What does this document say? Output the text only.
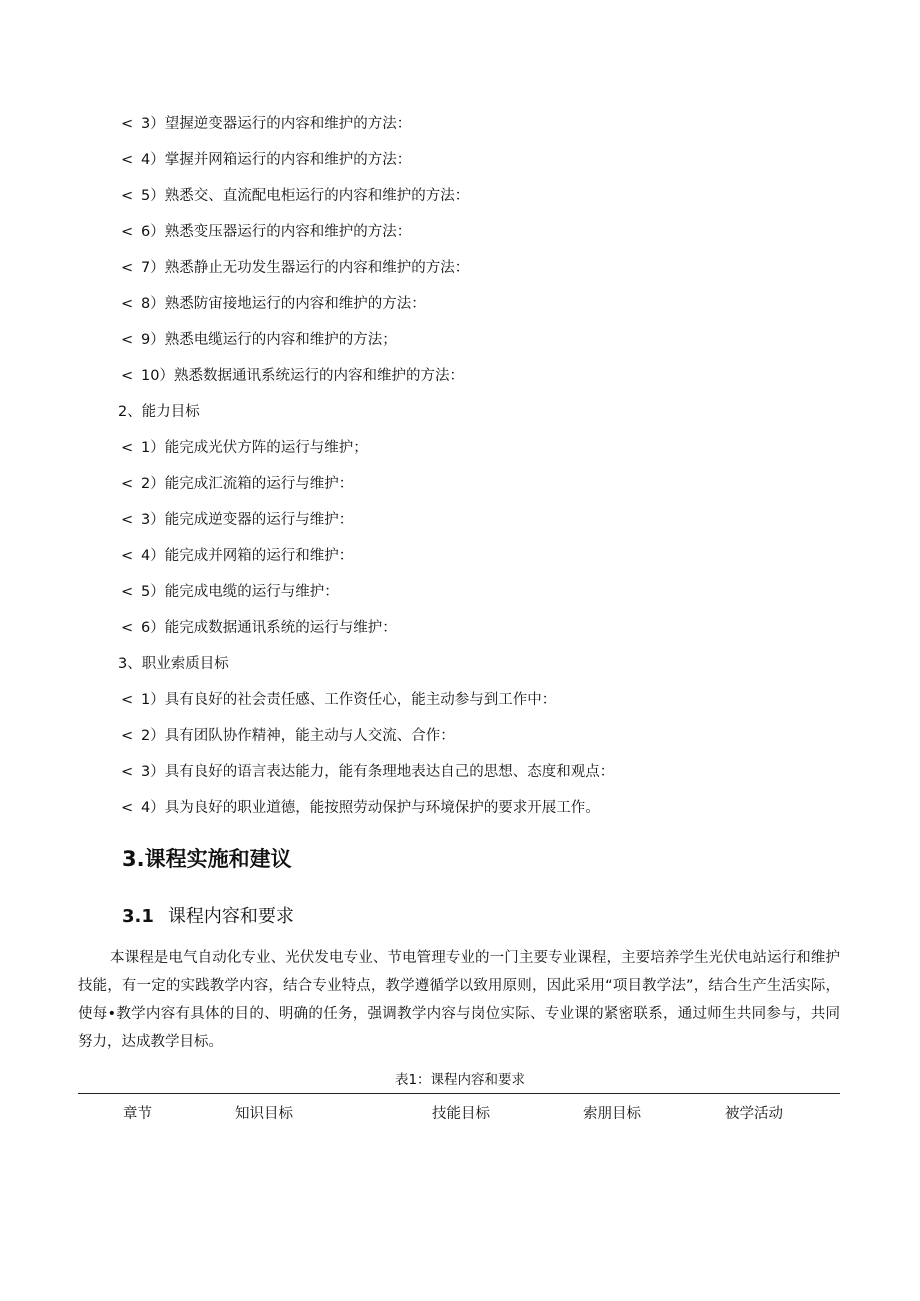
< 3）望握逆变器运行的内容和维护的方法：
< 4）掌握并网箱运行的内容和维护的方法：
< 5）熟悉交、直流配电柜运行的内容和维护的方法：
< 6）熟悉变压器运行的内容和维护的方法：
< 7）熟悉静止无功发生器运行的内容和维护的方法：
< 8）熟悉防宙接地运行的内容和维护的方法：
< 9）熟悉电缆运行的内容和维护的方法；
< 10）熟悉数据通讯系统运行的内容和维护的方法：
2、能力目标
< 1）能完成光伏方阵的运行与维护；
< 2）能完成汇流箱的运行与维护：
< 3）能完成逆变器的运行与维护：
< 4）能完成并网箱的运行和维护：
< 5）能完成电缆的运行与维护：
< 6）能完成数据通讯系统的运行与维护：
3、职业索质目标
< 1）具有良好的社会责任感、工作资任心，能主动参与到工作中：
< 2）具有团队协作精神，能主动与人交流、合作：
< 3）具有良好的语言表达能力，能有条理地表达自己的思想、态度和观点：
< 4）具为良好的职业道德，能按照劳动保护与环境保护的要求开展工作。
3.课程实施和建议
3.1 课程内容和要求
本课程是电气自动化专业、光伏发电专业、节电管理专业的一门主要专业课程，主要培养学生光伏电站运行和维护技能，有一定的实践教学内容，结合专业特点，教学遵循学以致用原则，因此采用“项目教学法”，结合生产生活实际，使每•教学内容有具体的目的、明确的任务，强调教学内容与岗位实际、专业课的紧密联系，通过师生共同参与，共同努力，达成教学目标。
表1：课程内容和要求
章节	知识目标	技能目标	索朋目标	被学活动
